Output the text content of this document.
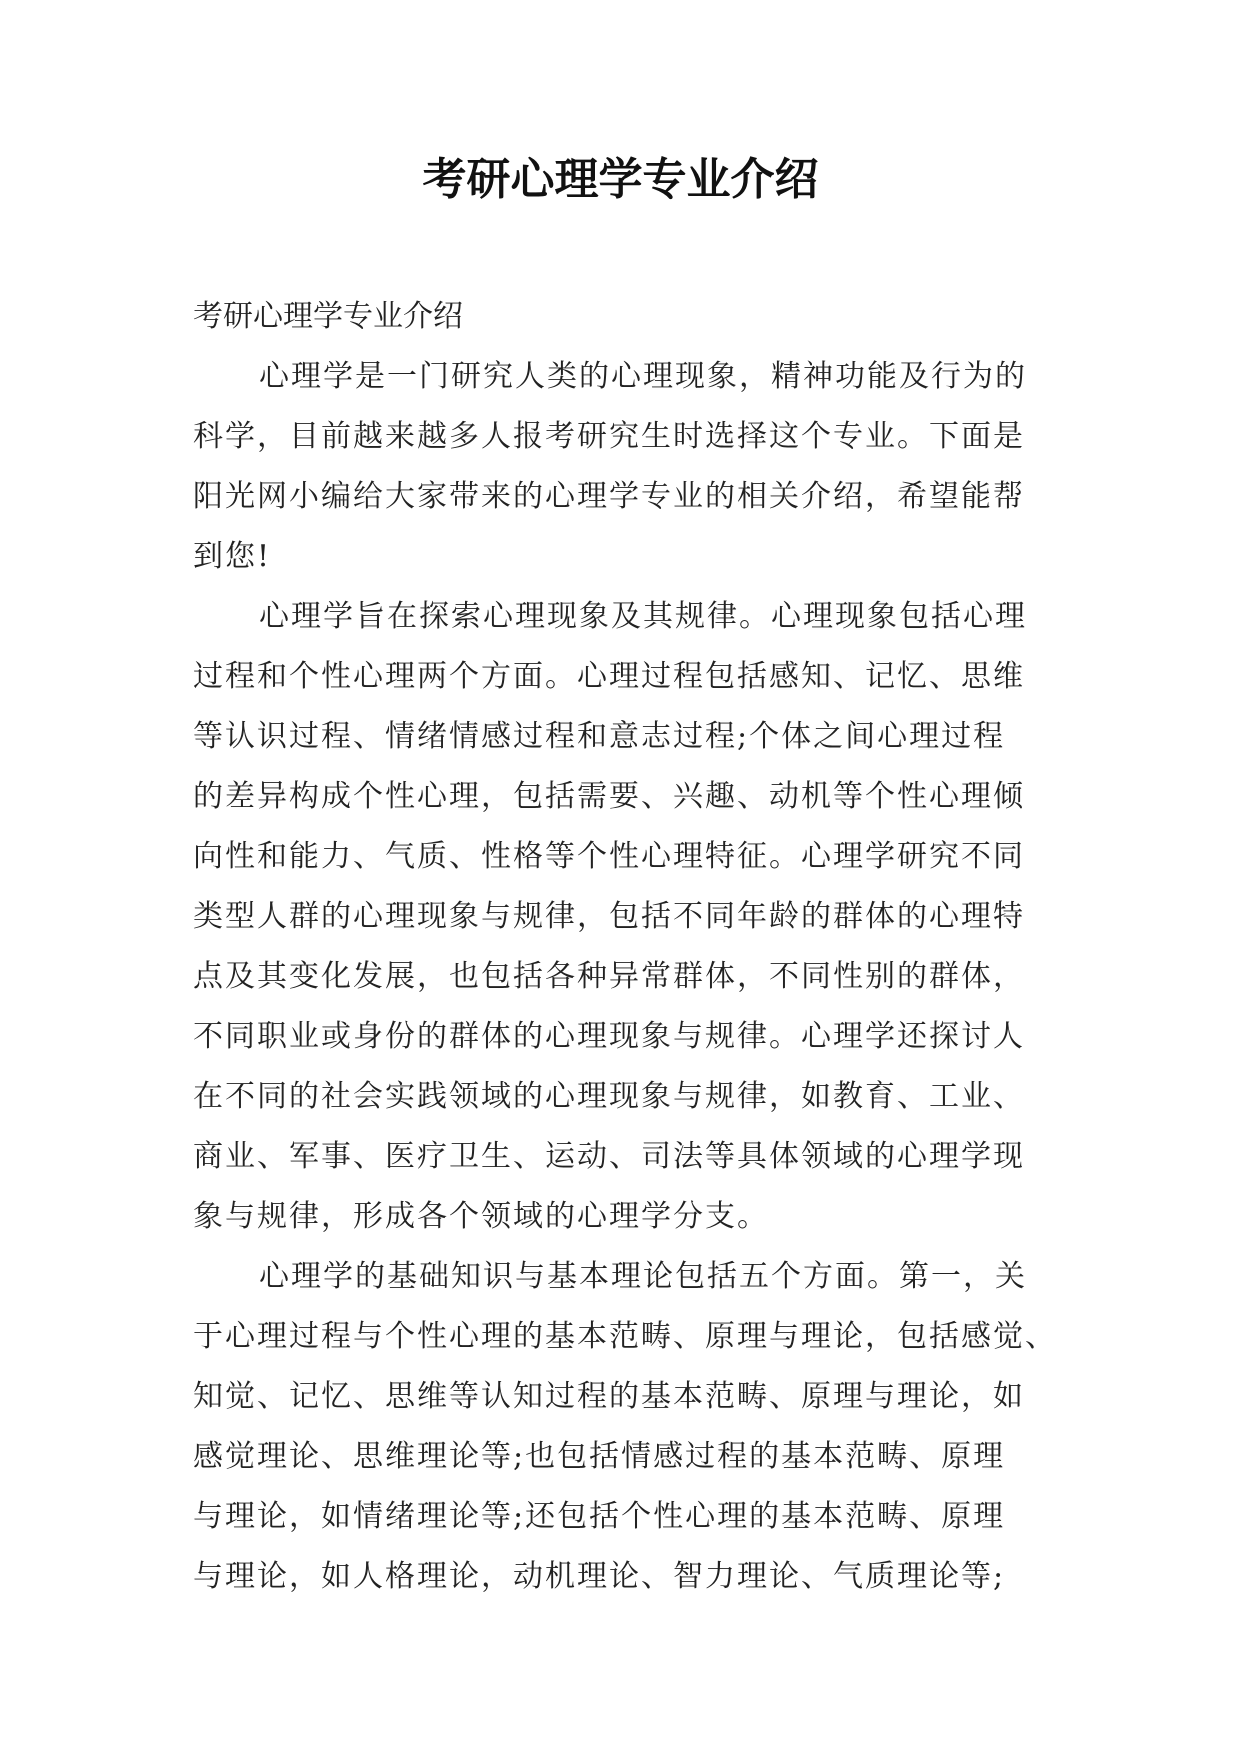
考研心理学专业介绍
考研心理学专业介绍
心理学是一门研究人类的心理现象，精神功能及行为的
科学，目前越来越多人报考研究生时选择这个专业。下面是
阳光网小编给大家带来的心理学专业的相关介绍，希望能帮
到您!
心理学旨在探索心理现象及其规律。心理现象包括心理
过程和个性心理两个方面。心理过程包括感知、记忆、思维
等认识过程、情绪情感过程和意志过程;个体之间心理过程
的差异构成个性心理，包括需要、兴趣、动机等个性心理倾
向性和能力、气质、性格等个性心理特征。心理学研究不同
类型人群的心理现象与规律，包括不同年龄的群体的心理特
点及其变化发展，也包括各种异常群体，不同性别的群体，
不同职业或身份的群体的心理现象与规律。心理学还探讨人
在不同的社会实践领域的心理现象与规律，如教育、工业、
商业、军事、医疗卫生、运动、司法等具体领域的心理学现
象与规律，形成各个领域的心理学分支。
心理学的基础知识与基本理论包括五个方面。第一，关
于心理过程与个性心理的基本范畴、原理与理论，包括感觉、
知觉、记忆、思维等认知过程的基本范畴、原理与理论，如
感觉理论、思维理论等;也包括情感过程的基本范畴、原理
与理论，如情绪理论等;还包括个性心理的基本范畴、原理
与理论，如人格理论，动机理论、智力理论、气质理论等;
